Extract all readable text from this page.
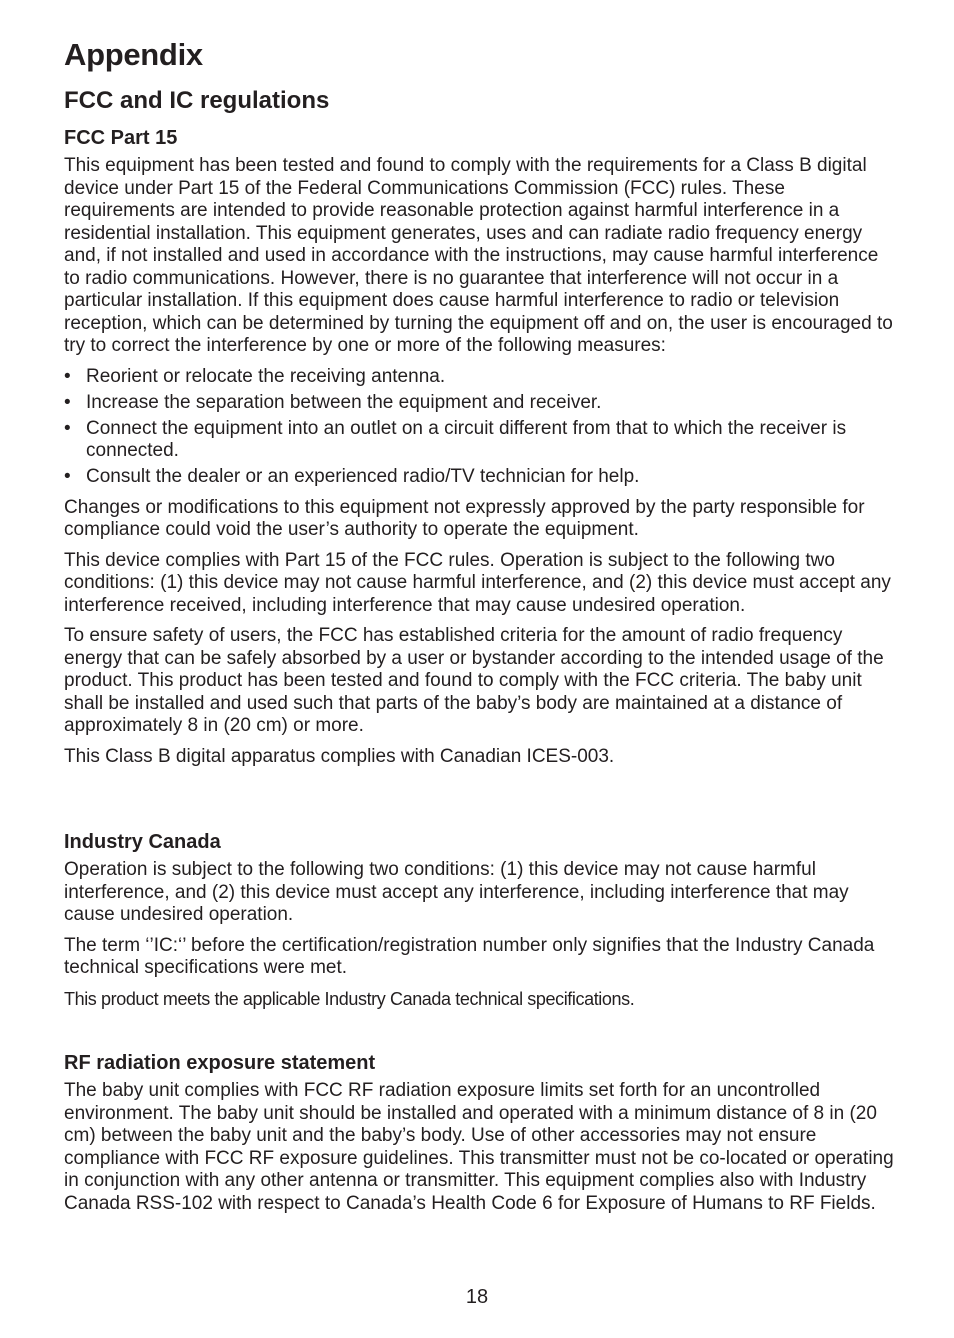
Appendix
FCC and IC regulations
FCC Part 15

This equipment has been tested and found to comply with the requirements for a Class B digital device under Part 15 of the Federal Communications Commission (FCC) rules. These requirements are intended to provide reasonable protection against harmful interference in a residential installation. This equipment generates, uses and can radiate radio frequency energy and, if not installed and used in accordance with the instructions, may cause harmful interference to radio communications. However, there is no guarantee that interference will not occur in a particular installation. If this equipment does cause harmful interference to radio or television reception, which can be determined by turning the equipment off and on, the user is encouraged to try to correct the interference by one or more of the following measures:

• Reorient or relocate the receiving antenna.
• Increase the separation between the equipment and receiver.
• Connect the equipment into an outlet on a circuit different from that to which the receiver is connected.
• Consult the dealer or an experienced radio/TV technician for help.

Changes or modifications to this equipment not expressly approved by the party responsible for compliance could void the user’s authority to operate the equipment.

This device complies with Part 15 of the FCC rules. Operation is subject to the following two conditions: (1) this device may not cause harmful interference, and (2) this device must accept any interference received, including interference that may cause undesired operation.

To ensure safety of users, the FCC has established criteria for the amount of radio frequency energy that can be safely absorbed by a user or bystander according to the intended usage of the product. This product has been tested and found to comply with the FCC criteria. The baby unit shall be installed and used such that parts of the baby’s body are maintained at a distance of approximately 8 in (20 cm) or more.

This Class B digital apparatus complies with Canadian ICES-003.

Industry Canada

Operation is subject to the following two conditions: (1) this device may not cause harmful interference, and (2) this device must accept any interference, including interference that may cause undesired operation.

The term ‘’IC:‘’ before the certification/registration number only signifies that the Industry Canada technical specifications were met.

This product meets the applicable Industry Canada technical specifications.

RF radiation exposure statement

The baby unit complies with FCC RF radiation exposure limits set forth for an uncontrolled environment. The baby unit should be installed and operated with a minimum distance of 8 in (20 cm) between the baby unit and the baby’s body. Use of other accessories may not ensure compliance with FCC RF exposure guidelines. This transmitter must not be co-located or operating in conjunction with any other antenna or transmitter. This equipment complies also with Industry Canada RSS-102 with respect to Canada’s Health Code 6 for Exposure of Humans to RF Fields.

18
